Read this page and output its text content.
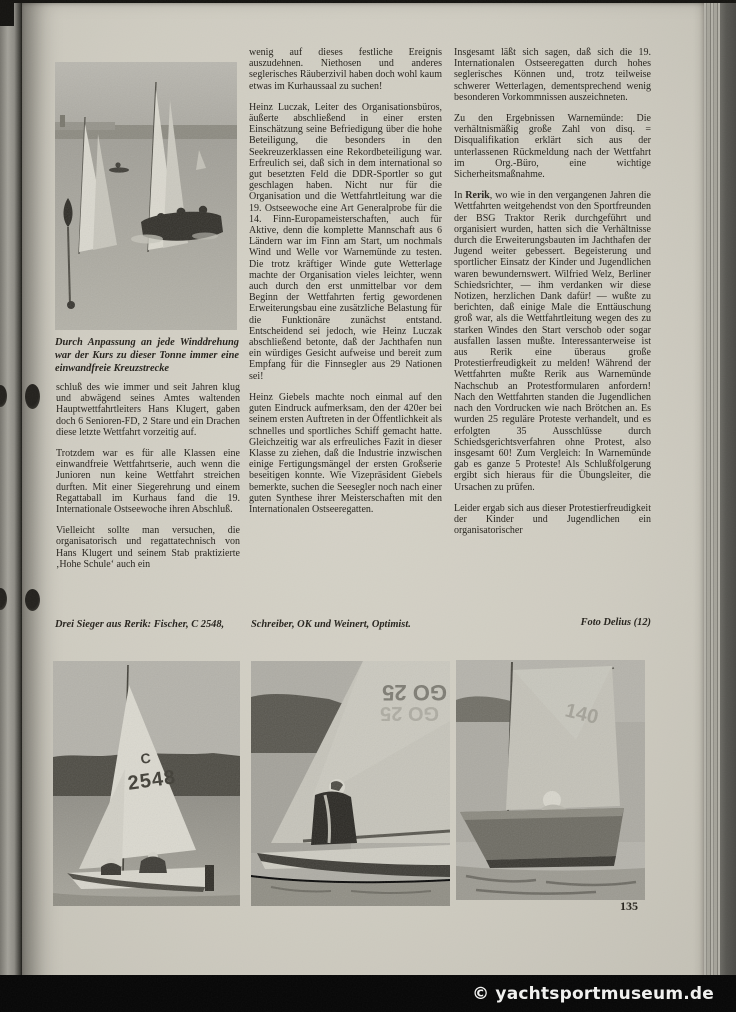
Durch Anpassung an jede Winddrehung war der Kurs zu dieser Tonne immer eine einwandfreie Kreuzstrecke

schluß des wie immer und seit Jahren klug und abwägend seines Amtes waltenden Hauptwettfahrtleiters Hans Klugert, gaben doch 6 Senioren-FD, 2 Stare und ein Drachen diese letzte Wettfahrt vorzeitig auf.

Trotzdem war es für alle Klassen eine einwandfreie Wettfahrtserie, auch wenn die Junioren nun keine Wettfahrt streichen durften. Mit einer Siegerehrung und einem Regattaball im Kurhaus fand die 19. Internationale Ostseewoche ihren Abschluß.

Vielleicht sollte man versuchen, die organisatorisch und regattatechnisch von Hans Klugert und seinem Stab praktizierte ‚Hohe Schule‘ auch ein

wenig auf dieses festliche Ereignis auszudehnen. Niethosen und anderes seglerisches Räuberzivil haben doch wohl kaum etwas im Kurhaussaal zu suchen!

Heinz Luczak, Leiter des Organisationsbüros, äußerte abschließend in einer ersten Einschätzung seine Befriedigung über die hohe Beteiligung, die besonders in den Seekreuzerklassen eine Rekordbeteiligung war. Erfreulich sei, daß sich in dem international so gut besetzten Feld die DDR-Sportler so gut geschlagen haben. Nicht nur für die Organisation und die Wettfahrtleitung war die 19. Ostseewoche eine Art Generalprobe für die 14. Finn-Europameisterschaften, auch für Aktive, denn die komplette Mannschaft aus 6 Ländern war im Finn am Start, um nochmals Wind und Welle vor Warnemünde zu testen. Die trotz kräftiger Winde gute Wetterlage machte der Organisation vieles leichter, wenn auch durch den erst unmittelbar vor dem Beginn der Wettfahrten fertig gewordenen Erweiterungsbau eine zusätzliche Belastung für die Funktionäre zunächst entstand. Entscheidend sei jedoch, wie Heinz Luczak abschließend betonte, daß der Jachthafen nun ein würdiges Gesicht aufweise und bereit zum Empfang für die Finnsegler aus 29 Nationen sei!

Heinz Giebels machte noch einmal auf den guten Eindruck aufmerksam, den der 420er bei seinem ersten Auftreten in der Öffentlichkeit als schnelles und sportliches Schiff gemacht hatte. Gleichzeitig war als erfreuliches Fazit in dieser Klasse zu ziehen, daß die Industrie inzwischen einige Fertigungsmängel der ersten Großserie beseitigen konnte. Wie Vizepräsident Giebels bemerkte, suchen die Seesegler noch nach einer guten Synthese ihrer Meisterschaften mit den Internationalen Ostseeregatten.

Insgesamt läßt sich sagen, daß sich die 19. Internationalen Ostseeregatten durch hohes seglerisches Können und, trotz teilweise schwerer Wetterlagen, dementsprechend wenig besonderen Vorkommnissen auszeichneten.

Zu den Ergebnissen Warnemünde: Die verhältnismäßig große Zahl von disq. = Disqualifikation erklärt sich aus der unterlassenen Rückmeldung nach der Wettfahrt im Org.-Büro, eine wichtige Sicherheitsmaßnahme.

In Rerik, wo wie in den vergangenen Jahren die Wettfahrten weitgehendst von den Sportfreunden der BSG Traktor Rerik durchgeführt und organisiert wurden, hatten sich die Verhältnisse durch die Erweiterungsbauten im Jachthafen der Jugend weiter gebessert. Begeisterung und sportlicher Einsatz der Kinder und Jugendlichen waren bewundernswert. Wilfried Welz, Berliner Schiedsrichter, — ihm verdanken wir diese Notizen, herzlichen Dank dafür! — wußte zu berichten, daß einige Male die Enttäuschung groß war, als die Wettfahrtleitung wegen des zu starken Windes den Start verschob oder sogar ausfallen lassen mußte. Interessanterweise ist aus Rerik eine überaus große Protestierfreudigkeit zu melden! Während der Wettfahrten mußte Rerik aus Warnemünde Nachschub an Protestformularen anfordern! Nach den Wettfahrten standen die Jugendlichen nach den Vordrucken wie nach Brötchen an. Es wurden 25 reguläre Proteste verhandelt, und es erfolgten 35 Ausschlüsse durch Schiedsgerichtsverfahren ohne Protest, also insgesamt 60! Zum Vergleich: In Warnemünde gab es ganze 5 Proteste! Als Schlußfolgerung ergibt sich hieraus für die Übungsleiter, die Ursachen zu prüfen.

Leider ergab sich aus dieser Protestierfreudigkeit der Kinder und Jugendlichen ein organisatorischer

Drei Sieger aus Rerik: Fischer, C 2548,	Schreiber, OK und Weinert, Optimist.	Foto Delius (12)
C
2548
GO 25
GO 25	140
135
© yachtsportmuseum.de
